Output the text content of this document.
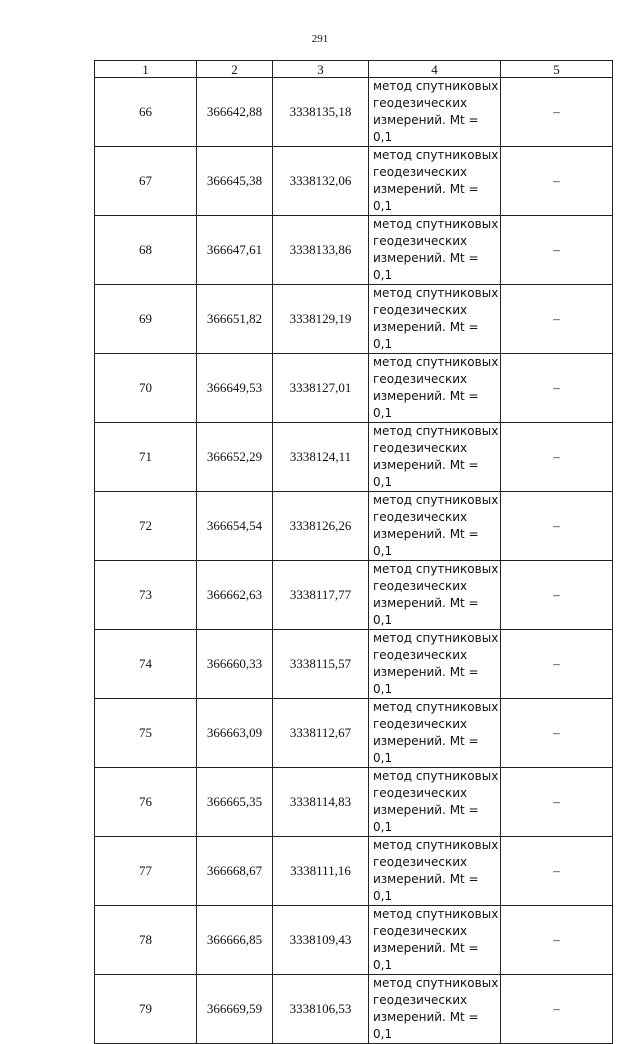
291
1	2	3	4	5
66	366642,88	3338135,18	метод спутниковых
геодезических
измерений. Mt = 0,1	–
67	366645,38	3338132,06	метод спутниковых
геодезических
измерений. Mt = 0,1	–
68	366647,61	3338133,86	метод спутниковых
геодезических
измерений. Mt = 0,1	–
69	366651,82	3338129,19	метод спутниковых
геодезических
измерений. Mt = 0,1	–
70	366649,53	3338127,01	метод спутниковых
геодезических
измерений. Mt = 0,1	–
71	366652,29	3338124,11	метод спутниковых
геодезических
измерений. Mt = 0,1	–
72	366654,54	3338126,26	метод спутниковых
геодезических
измерений. Mt = 0,1	–
73	366662,63	3338117,77	метод спутниковых
геодезических
измерений. Mt = 0,1	–
74	366660,33	3338115,57	метод спутниковых
геодезических
измерений. Mt = 0,1	–
75	366663,09	3338112,67	метод спутниковых
геодезических
измерений. Mt = 0,1	–
76	366665,35	3338114,83	метод спутниковых
геодезических
измерений. Mt = 0,1	–
77	366668,67	3338111,16	метод спутниковых
геодезических
измерений. Mt = 0,1	–
78	366666,85	3338109,43	метод спутниковых
геодезических
измерений. Mt = 0,1	–
79	366669,59	3338106,53	метод спутниковых
геодезических
измерений. Mt = 0,1	–
